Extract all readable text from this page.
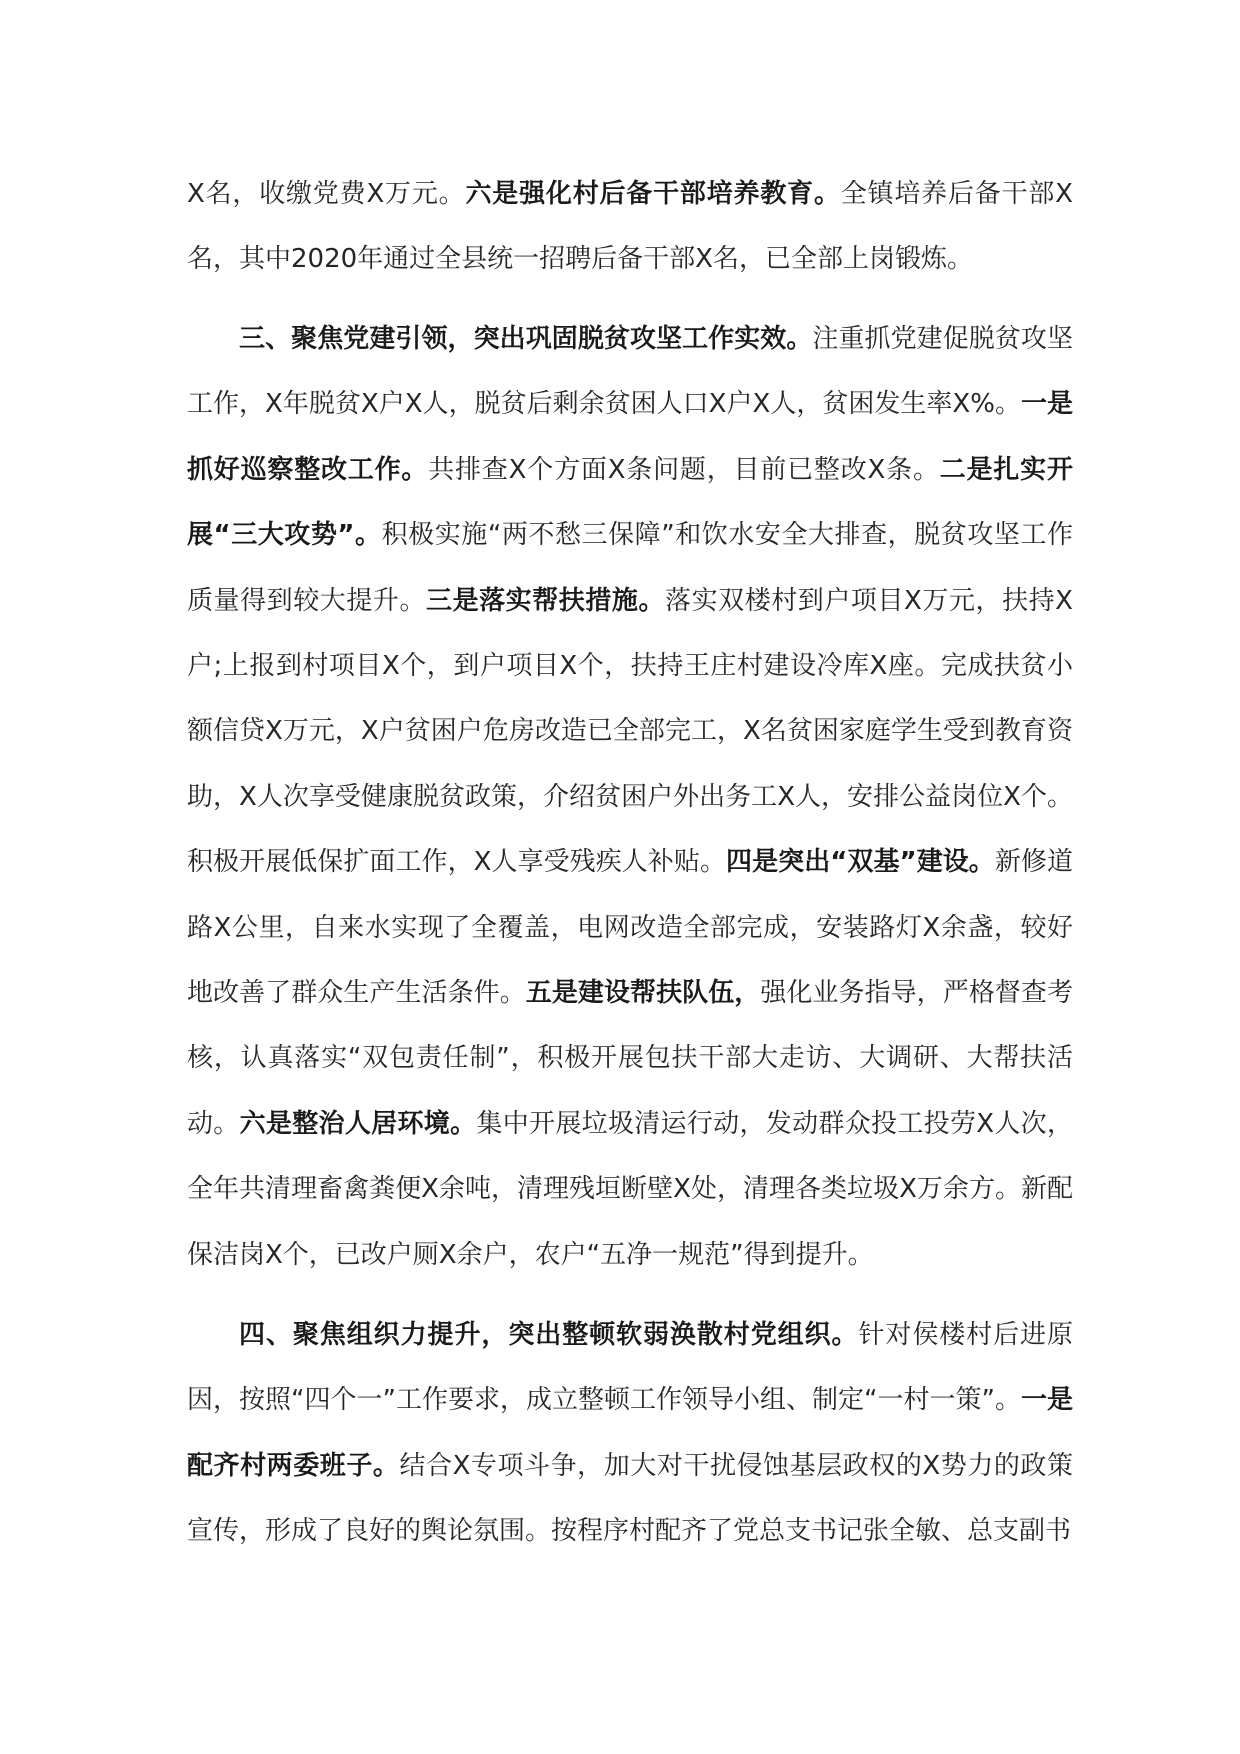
X名，收缴党费X万元。六是强化村后备干部培养教育。全镇培养后备干部X名，其中2020年通过全县统一招聘后备干部X名，已全部上岗锻炼。

三、聚焦党建引领，突出巩固脱贫攻坚工作实效。注重抓党建促脱贫攻坚工作，X年脱贫X户X人，脱贫后剩余贫困人口X户X人，贫困发生率X%。一是抓好巡察整改工作。共排查X个方面X条问题，目前已整改X条。二是扎实开展“三大攻势”。积极实施“两不愁三保障”和饮水安全大排查，脱贫攻坚工作质量得到较大提升。三是落实帮扶措施。落实双楼村到户项目X万元，扶持X户;上报到村项目X个，到户项目X个，扶持王庄村建设冷库X座。完成扶贫小额信贷X万元，X户贫困户危房改造已全部完工，X名贫困家庭学生受到教育资助，X人次享受健康脱贫政策，介绍贫困户外出务工X人，安排公益岗位X个。积极开展低保扩面工作，X人享受残疾人补贴。四是突出“双基”建设。新修道路X公里，自来水实现了全覆盖，电网改造全部完成，安装路灯X余盏，较好地改善了群众生产生活条件。五是建设帮扶队伍，强化业务指导，严格督查考核，认真落实“双包责任制”，积极开展包扶干部大走访、大调研、大帮扶活动。六是整治人居环境。集中开展垃圾清运行动，发动群众投工投劳X人次，全年共清理畜禽粪便X余吨，清理残垣断壁X处，清理各类垃圾X万余方。新配保洁岗X个，已改户厕X余户，农户“五净一规范”得到提升。

四、聚焦组织力提升，突出整顿软弱涣散村党组织。针对侯楼村后进原因，按照“四个一”工作要求，成立整顿工作领导小组、制定“一村一策”。一是配齐村两委班子。结合X专项斗争，加大对干扰侵蚀基层政权的X势力的政策宣传，形成了良好的舆论氛围。按程序村配齐了党总支书记张全敏、总支副书
